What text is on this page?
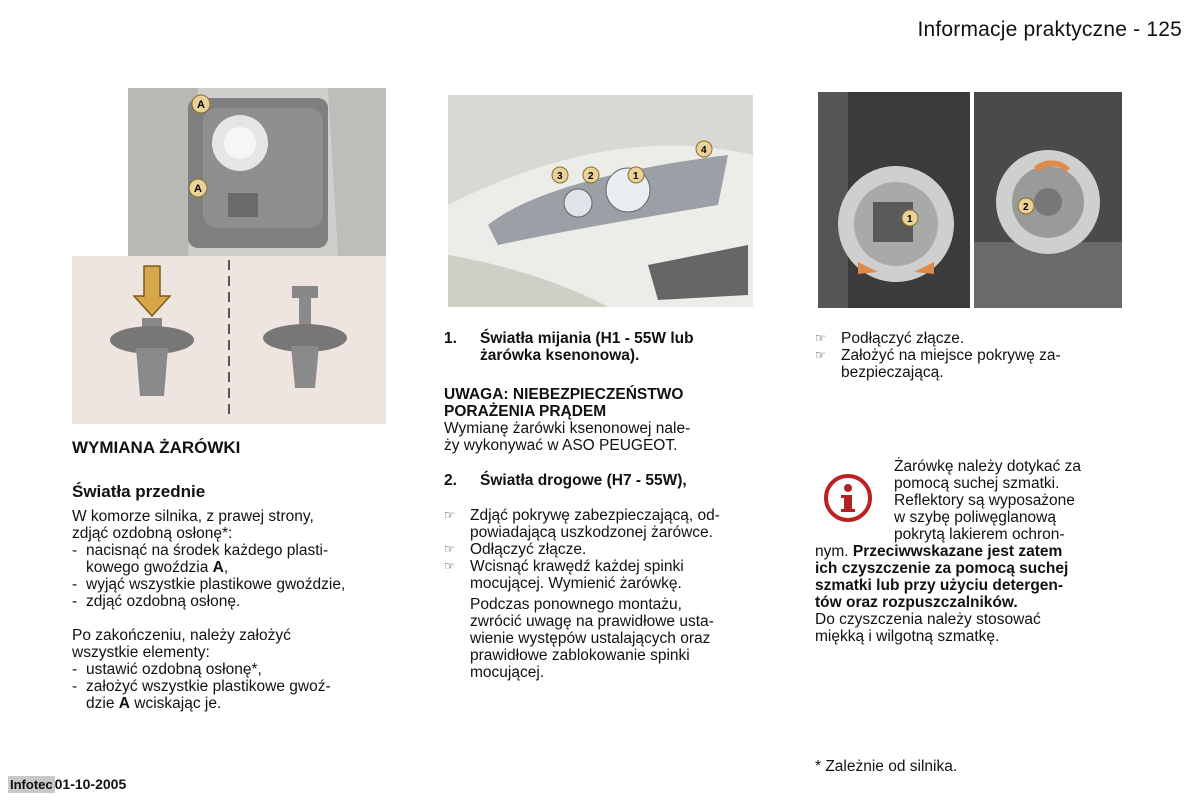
Informacje praktyczne - 125
A
A
3	2	1
4
1
2
WYMIANA ŻARÓWKI
Światła przednie
W komorze silnika, z prawej strony,
zdjąć ozdobną osłonę*:
- nacisnąć na środek każdego plasti-
kowego gwoździa A,
- wyjąć wszystkie plastikowe gwoździe,
- zdjąć ozdobną osłonę.
Po zakończeniu, należy założyć
wszystkie elementy:
- ustawić ozdobną osłonę*,
- założyć wszystkie plastikowe gwoź-
dzie A wciskając je.
1. Światła mijania (H1 - 55W lub
żarówka ksenonowa).
UWAGA: NIEBEZPIECZEŃSTWO
PORAŻENIA PRĄDEM
Wymianę żarówki ksenonowej nale-
ży wykonywać w ASO PEUGEOT.
2. Światła drogowe (H7 - 55W),
☞ Zdjąć pokrywę zabezpieczającą, od-
powiadającą uszkodzonej żarówce.
☞ Odłączyć złącze.
☞ Wcisnąć krawędź każdej spinki
mocującej. Wymienić żarówkę.
Podczas ponownego montażu,
zwrócić uwagę na prawidłowe usta-
wienie występów ustalających oraz
prawidłowe zablokowanie spinki
mocującej.
☞ Podłączyć złącze.
☞ Założyć na miejsce pokrywę za-
bezpieczającą.
Żarówkę należy dotykać za
pomocą suchej szmatki.
Reflektory są wyposażone
w szybę poliwęglanową
pokrytą lakierem ochron-
nym. Przeciwwskazane jest zatem
ich czyszczenie za pomocą suchej
szmatki lub przy użyciu detergen-
tów oraz rozpuszczalników.
Do czyszczenia należy stosować
miękką i wilgotną szmatkę.
* Zależnie od silnika.
Infotec 01-10-2005
